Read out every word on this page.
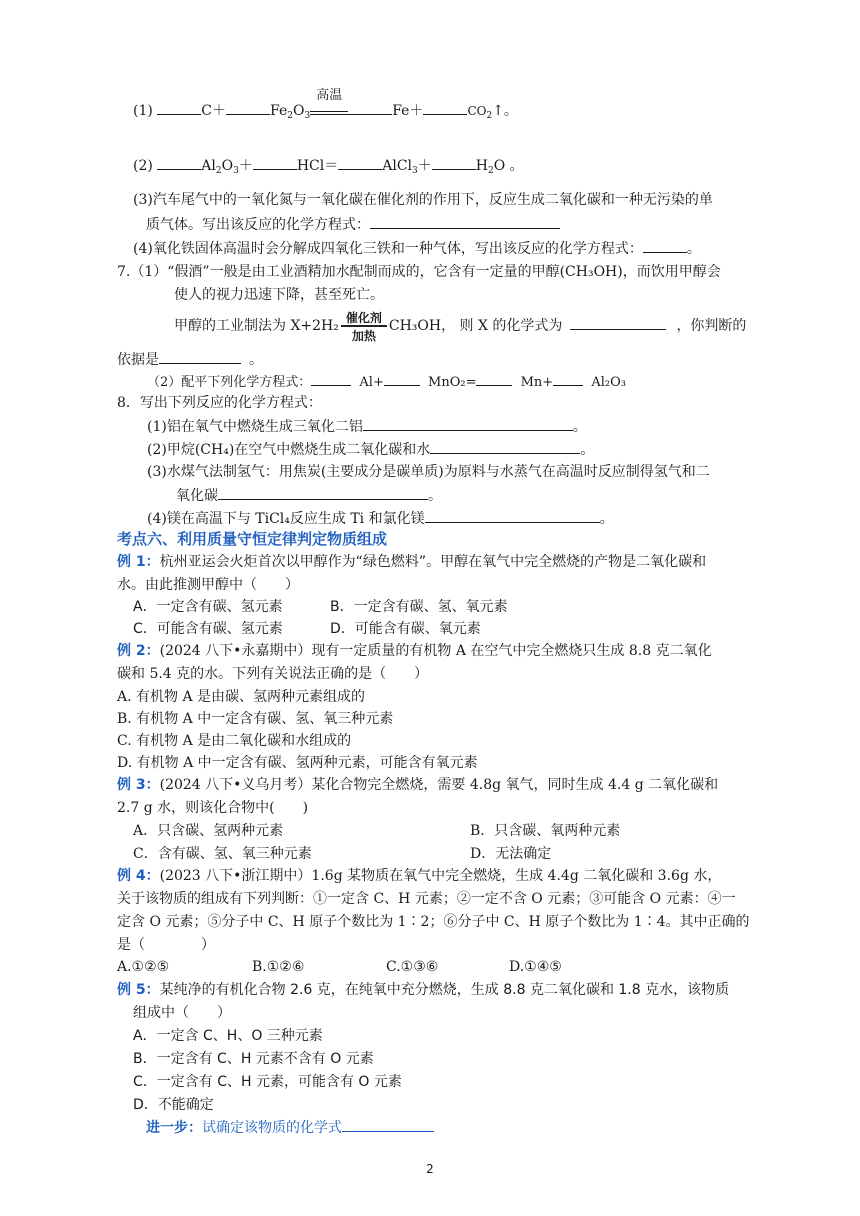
(1)	C＋	$Fe_2O_3$
高温
Fe＋	$CO_2↑$。
(2)	$Al_2O_3+$	HCl＝	AlCl$_3$＋	$H_2O$ 。
(3)汽车尾气中的一氧化氮与一氧化碳在催化剂的作用下，反应生成二氧化碳和一种无污染的单
质气体。写出该反应的化学方程式：
(4)氧化铁固体高温时会分解成四氧化三铁和一种气体，写出该反应的化学方程式：	。
7.（1）“假酒”一般是由工业酒精加水配制而成的，它含有一定量的甲醇(CH₃OH)，而饮用甲醇会
使人的视力迅速下降，甚至死亡。
甲醇的工业制法为 X+2H₂ 催化剂
加热
CH₃OH， 则 X 的化学式为	，你判断的
依据是	。
（2）配平下列化学方程式：	Al+	MnO₂=	Mn+	Al₂O₃
8．写出下列反应的化学方程式：
(1)铝在氧气中燃烧生成三氧化二铝	。
(2)甲烷(CH₄)在空气中燃烧生成二氧化碳和水	。
(3)水煤气法制氢气：用焦炭(主要成分是碳单质)为原料与水蒸气在高温时反应制得氢气和二
氧化碳	。
(4)镁在高温下与 TiCl₄反应生成 Ti 和氯化镁	。
考点六、利用质量守恒定律判定物质组成
例 1：杭州亚运会火炬首次以甲醇作为“绿色燃料”。甲醇在氧气中完全燃烧的产物是二氧化碳和
水。由此推测甲醇中（　　）
A．一定含有碳、氢元素	B．一定含有碳、氢、氧元素
C．可能含有碳、氢元素	D．可能含有碳、氧元素
例 2：(2024 八下•永嘉期中）现有一定质量的有机物 A 在空气中完全燃烧只生成 8.8 克二氧化
碳和 5.4 克的水。下列有关说法正确的是（　　）
A. 有机物 A 是由碳、氢两种元素组成的
B. 有机物 A 中一定含有碳、氢、氧三种元素
C. 有机物 A 是由二氧化碳和水组成的
D. 有机物 A 中一定含有碳、氢两种元素，可能含有氧元素
例 3：(2024 八下•义乌月考）某化合物完全燃烧，需要 4.8g 氧气，同时生成 4.4 g 二氧化碳和
2.7 g 水，则该化合物中(　　)
A．只含碳、氢两种元素	B．只含碳、氧两种元素
C．含有碳、氢、氧三种元素	D．无法确定
例 4：(2023 八下•浙江期中）1.6g 某物质在氧气中完全燃烧，生成 4.4g 二氧化碳和 3.6g 水，
关于该物质的组成有下列判断：①一定含 C、H 元素；②一定不含 O 元素；③可能含 O 元素：④一
定含 O 元素；⑤分子中 C、H 原子个数比为 1∶2；⑥分子中 C、H 原子个数比为 1∶4。其中正确的
是（　　　　）
A.①②⑤	B.①②⑥	C.①③⑥	D.①④⑤
例 5：某纯净的有机化合物 2.6 克，在纯氧中充分燃烧，生成 8.8 克二氧化碳和 1.8 克水，该物质
组成中（　　）
A．一定含 C、H、O 三种元素
B．一定含有 C、H 元素不含有 O 元素
C．一定含有 C、H 元素，可能含有 O 元素
D．不能确定
进一步：试确定该物质的化学式
2
